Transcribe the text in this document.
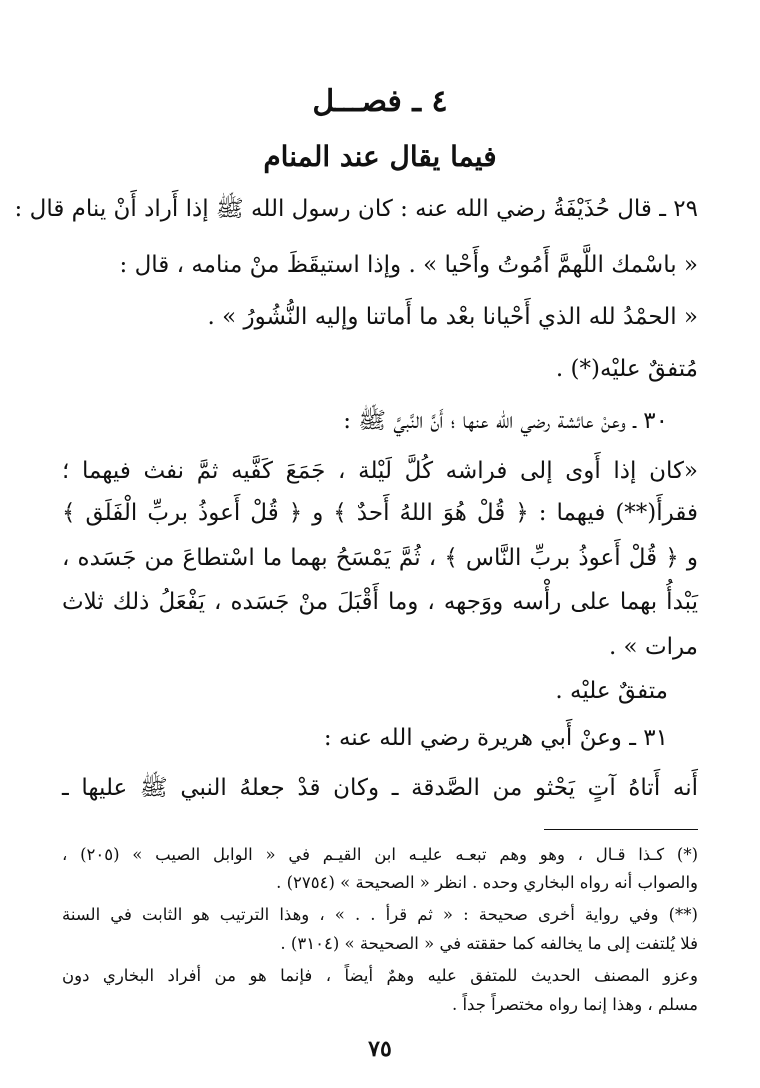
٤ ـ فصـــل
فيما يقال عند المنام
٢٩ ـ قال حُذَيْفَةُ رضي الله عنه : كان رسول الله ﷺ إذا أَراد أَنْ ينام قال :
« باسْمك اللَّهمَّ أَمُوتُ وأَحْيا » . وإذا استيقَظَ منْ منامه ، قال :
« الحمْدُ لله الذي أَحْيانا بعْد ما أَماتنا وإليه النُّشُورُ » .
مُتفقٌ عليْه(*) .
٣٠ ـ وعنْ عائشة رضي الله عنها ؛ أَنَّ النَّبيَّ ﷺ :
«كان إذا أَوى إلى فراشه كُلَّ لَيْلة ، جَمَعَ كَفَّيه ثمَّ نفث فيهما ؛
فقرأَ(**) فيهما : ﴿ قُلْ هُوَ اللهُ أَحدٌ ﴾ و ﴿ قُلْ أَعوذُ بربِّ الْفَلَق ﴾
و ﴿ قُلْ أَعوذُ بربِّ النَّاس ﴾ ، ثُمَّ يَمْسَحُ بهما ما اسْتطاعَ من جَسَده ،
يَبْدأُ بهما على رأْسه ووَجهه ، وما أَقْبَلَ منْ جَسَده ، يَفْعَلُ ذلك ثلاث
مرات » .
متفقٌ عليْه .
٣١ ـ وعنْ أَبي هريرة رضي الله عنه :
أَنه أَتاهُ آتٍ يَحْثو من الصَّدقة ـ وكان قدْ جعلهُ النبي ﷺ عليها ـ
(*) كـذا قـال ، وهو وهم تبعـه عليـه ابن القيـم في « الوابل الصيب » (٢٠٥) ،
والصواب أنه رواه البخاري وحده . انظر « الصحيحة » (٢٧٥٤) .
(**) وفي رواية أخرى صحيحة : « ثم قرأ . . » ، وهذا الترتيب هو الثابت في السنة
فلا يُلتفت إلى ما يخالفه كما حققته في « الصحيحة » (٣١٠٤) .
وعزو المصنف الحديث للمتفق عليه وهمٌ أيضاً ، فإنما هو من أفراد البخاري دون
مسلم ، وهذا إنما رواه مختصراً جداً .
٧٥
